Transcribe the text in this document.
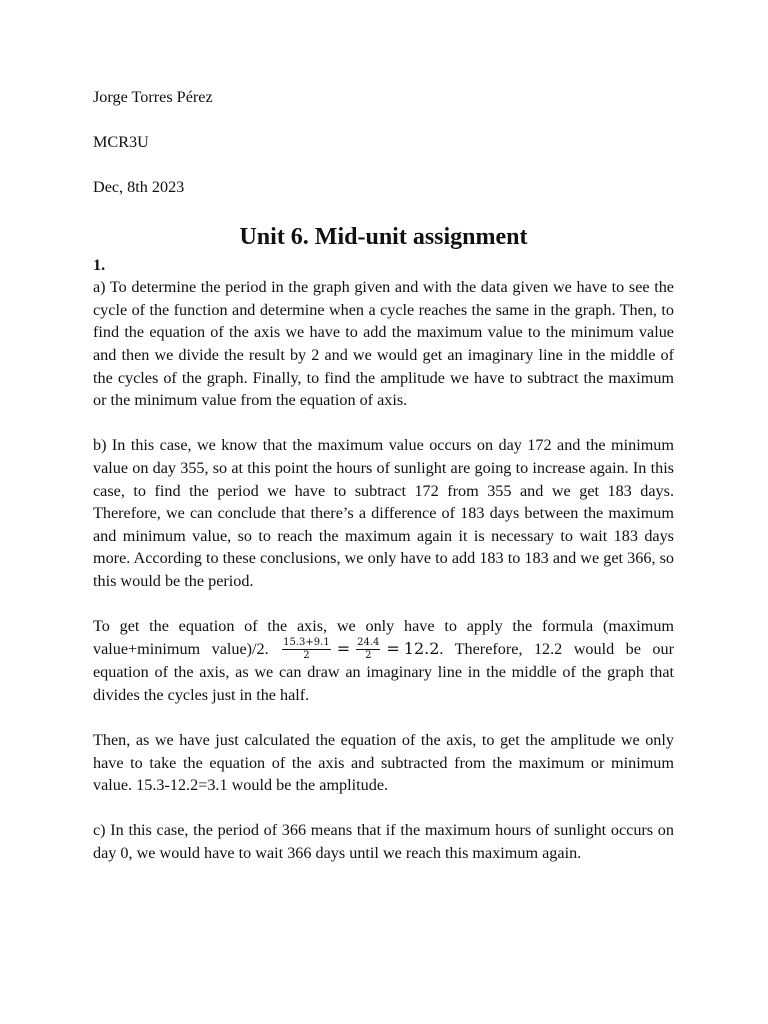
Jorge Torres Pérez

MCR3U

Dec, 8th 2023

Unit 6. Mid-unit assignment

1.

a) To determine the period in the graph given and with the data given we have to see the cycle of the function and determine when a cycle reaches the same in the graph. Then, to find the equation of the axis we have to add the maximum value to the minimum value and then we divide the result by 2 and we would get an imaginary line in the middle of the cycles of the graph. Finally, to find the amplitude we have to subtract the maximum or the minimum value from the equation of axis.

b) In this case, we know that the maximum value occurs on day 172 and the minimum value on day 355, so at this point the hours of sunlight are going to increase again. In this case, to find the period we have to subtract 172 from 355 and we get 183 days. Therefore, we can conclude that there’s a difference of 183 days between the maximum and minimum value, so to reach the maximum again it is necessary to wait 183 days more. According to these conclusions, we only have to add 183 to 183 and we get 366, so this would be the period.

To get the equation of the axis, we only have to apply the formula (maximum value+minimum value)/2. $\frac{15.3+9.1}{2} = \frac{24.4}{2} = 12.2$. Therefore, 12.2 would be our equation of the axis, as we can draw an imaginary line in the middle of the graph that divides the cycles just in the half.

Then, as we have just calculated the equation of the axis, to get the amplitude we only have to take the equation of the axis and subtracted from the maximum or minimum value. 15.3-12.2=3.1 would be the amplitude.

c) In this case, the period of 366 means that if the maximum hours of sunlight occurs on day 0, we would have to wait 366 days until we reach this maximum again.
